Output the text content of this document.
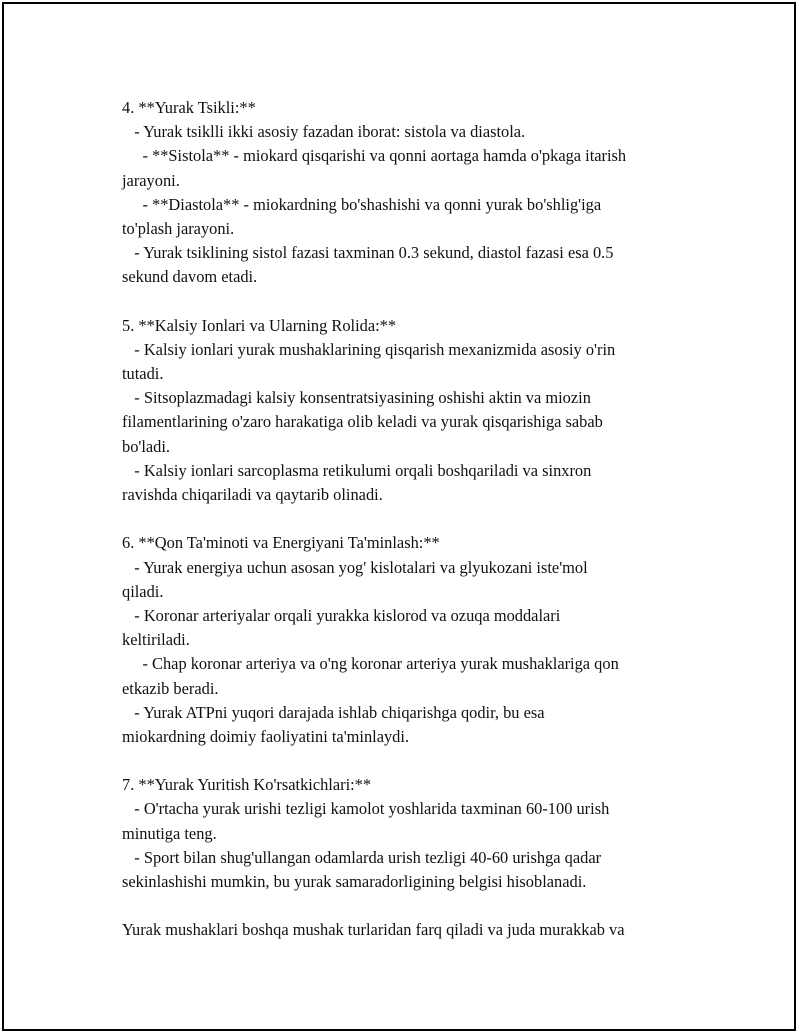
4. **Yurak Tsikli:**
- Yurak tsiklli ikki asosiy fazadan iborat: sistola va diastola.
- **Sistola** - miokard qisqarishi va qonni aortaga hamda o'pkaga itarish
jarayoni.
- **Diastola** - miokardning bo'shashishi va qonni yurak bo'shlig'iga
to'plash jarayoni.
- Yurak tsiklining sistol fazasi taxminan 0.3 sekund, diastol fazasi esa 0.5
sekund davom etadi.
5. **Kalsiy Ionlari va Ularning Rolida:**
- Kalsiy ionlari yurak mushaklarining qisqarish mexanizmida asosiy o'rin
tutadi.
- Sitsoplazmadagi kalsiy konsentratsiyasining oshishi aktin va miozin
filamentlarining o'zaro harakatiga olib keladi va yurak qisqarishiga sabab
bo'ladi.
- Kalsiy ionlari sarcoplasma retikulumi orqali boshqariladi va sinxron
ravishda chiqariladi va qaytarib olinadi.
6. **Qon Ta'minoti va Energiyani Ta'minlash:**
- Yurak energiya uchun asosan yog' kislotalari va glyukozani iste'mol
qiladi.
- Koronar arteriyalar orqali yurakka kislorod va ozuqa moddalari
keltiriladi.
- Chap koronar arteriya va o'ng koronar arteriya yurak mushaklariga qon
etkazib beradi.
- Yurak ATPni yuqori darajada ishlab chiqarishga qodir, bu esa
miokardning doimiy faoliyatini ta'minlaydi.
7. **Yurak Yuritish Ko'rsatkichlari:**
- O'rtacha yurak urishi tezligi kamolot yoshlarida taxminan 60-100 urish
minutiga teng.
- Sport bilan shug'ullangan odamlarda urish tezligi 40-60 urishga qadar
sekinlashishi mumkin, bu yurak samaradorligining belgisi hisoblanadi.
Yurak mushaklari boshqa mushak turlaridan farq qiladi va juda murakkab va
